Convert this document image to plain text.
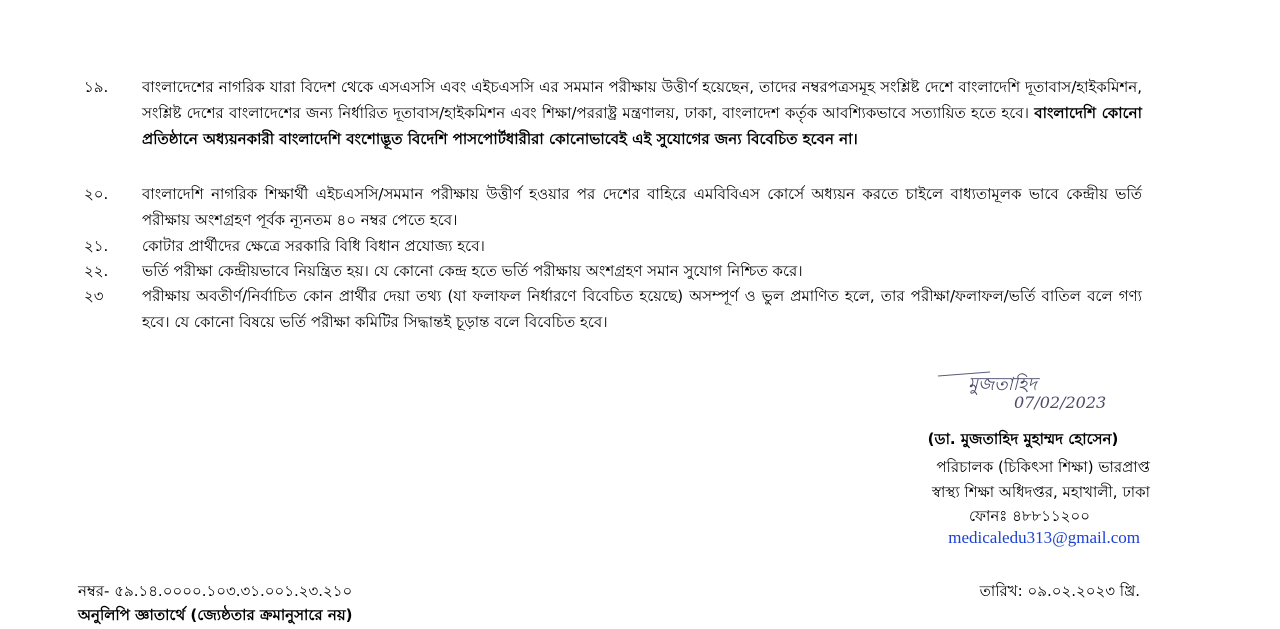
১৯. বাংলাদেশের নাগরিক যারা বিদেশ থেকে এসএসসি এবং এইচএসসি এর সমমান পরীক্ষায় উত্তীর্ণ হয়েছেন, তাদের নম্বরপত্রসমূহ সংশ্লিষ্ট দেশে বাংলাদেশি দূতাবাস/হাইকমিশন, সংশ্লিষ্ট দেশের বাংলাদেশের জন্য নির্ধারিত দূতাবাস/হাইকমিশন এবং শিক্ষা/পররাষ্ট্র মন্ত্রণালয়, ঢাকা, বাংলাদেশ কর্তৃক আবশ্যিকভাবে সত্যায়িত হতে হবে। বাংলাদেশি কোনো প্রতিষ্ঠানে অধ্যয়নকারী বাংলাদেশি বংশোদ্ভূত বিদেশি পাসপোর্টধারীরা কোনোভাবেই এই সুযোগের জন্য বিবেচিত হবেন না।
২০. বাংলাদেশি নাগরিক শিক্ষার্থী এইচএসসি/সমমান পরীক্ষায় উত্তীর্ণ হওয়ার পর দেশের বাহিরে এমবিবিএস কোর্সে অধ্যয়ন করতে চাইলে বাধ্যতামূলক ভাবে কেন্দ্রীয় ভর্তি পরীক্ষায় অংশগ্রহণ পূর্বক ন্যূনতম ৪০ নম্বর পেতে হবে।
২১. কোটার প্রার্থীদের ক্ষেত্রে সরকারি বিধি বিধান প্রযোজ্য হবে।
২২. ভর্তি পরীক্ষা কেন্দ্রীয়ভাবে নিয়ন্ত্রিত হয়। যে কোনো কেন্দ্র হতে ভর্তি পরীক্ষায় অংশগ্রহণ সমান সুযোগ নিশ্চিত করে।
২৩	পরীক্ষায় অবতীর্ণ/নির্বাচিত কোন প্রার্থীর দেয়া তথ্য (যা ফলাফল নির্ধারণে বিবেচিত হয়েছে) অসম্পূর্ণ ও ভুল প্রমাণিত হলে, তার পরীক্ষা/ফলাফল/ভর্তি বাতিল বলে গণ্য হবে। যে কোনো বিষয়ে ভর্তি পরীক্ষা কমিটির সিদ্ধান্তই চূড়ান্ত বলে বিবেচিত হবে।
মুজতাহিদ
07/02/2023
(ডা. মুজতাহিদ মুহাম্মদ হোসেন)
পরিচালক (চিকিৎসা শিক্ষা) ভারপ্রাপ্ত
স্বাস্থ্য শিক্ষা অধিদপ্তর, মহাখালী, ঢাকা
ফোনঃ ৪৮৮১১২০০
medicaledu313@gmail.com
নম্বর- ৫৯.১৪.০০০০.১০৩.৩১.০০১.২৩.২১০	তারিখ: ০৯.০২.২০২৩ খ্রি.
অনুলিপি জ্ঞাতার্থে (জ্যেষ্ঠতার ক্রমানুসারে নয়)
